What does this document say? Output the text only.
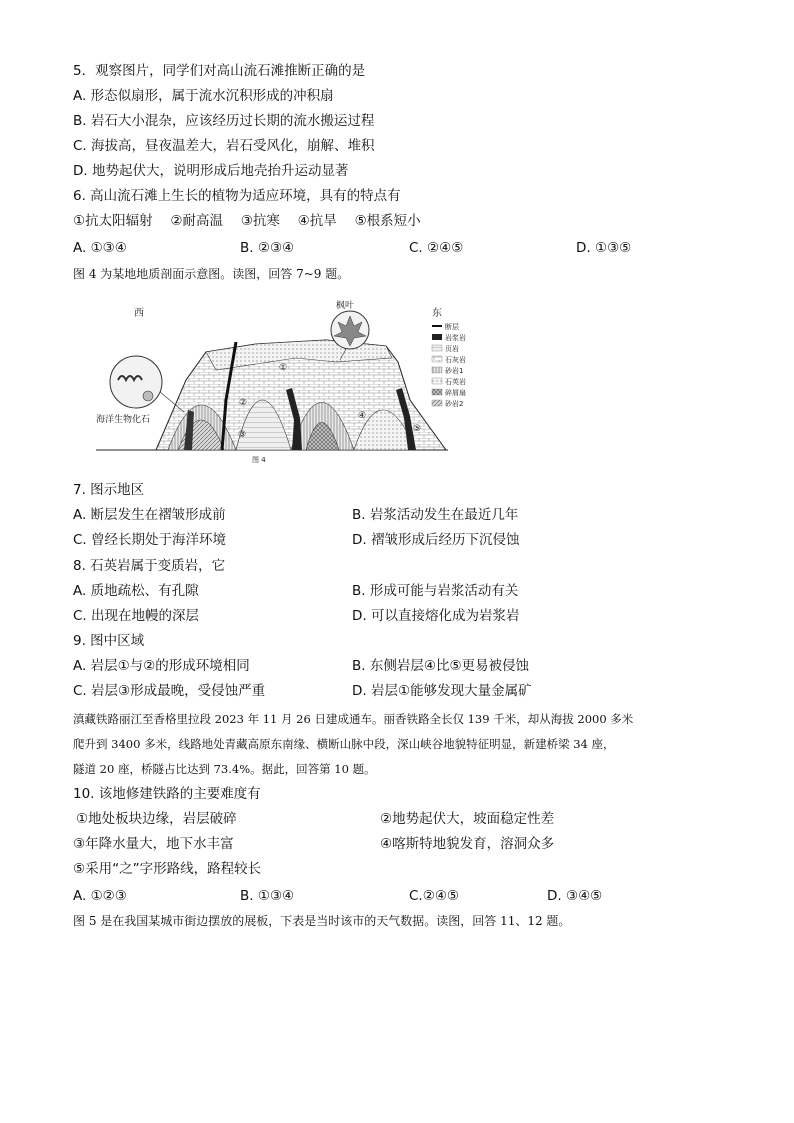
5．观察图片，同学们对高山流石滩推断正确的是
A. 形态似扇形，属于流水沉积形成的冲积扇
B. 岩石大小混杂，应该经历过长期的流水搬运过程
C. 海拔高，昼夜温差大，岩石受风化，崩解、堆积
D. 地势起伏大，说明形成后地壳抬升运动显著
6. 高山流石滩上生长的植物为适应环境，具有的特点有
①抗太阳辐射　 ②耐高温　 ③抗寒　 ④抗旱　 ⑤根系短小
A. ①③④	B. ②③④	C. ②④⑤	D. ①③⑤
图 4 为某地地质剖面示意图。读图，回答 7~9 题。
西	东
枫叶
①
②
③
④
⑤
海洋生物化石
断层
岩浆岩
页岩
石灰岩
砂岩1
石英岩
碎屑扇
砂岩2
图 4
7. 图示地区
A. 断层发生在褶皱形成前	B. 岩浆活动发生在最近几年
C. 曾经长期处于海洋环境	D. 褶皱形成后经历下沉侵蚀
8. 石英岩属于变质岩，它
A. 质地疏松、有孔隙	B. 形成可能与岩浆活动有关
C. 出现在地幔的深层	D. 可以直接熔化成为岩浆岩
9. 图中区域
A. 岩层①与②的形成环境相同	B. 东侧岩层④比⑤更易被侵蚀
C. 岩层③形成最晚，受侵蚀严重	D. 岩层①能够发现大量金属矿
滇藏铁路丽江至香格里拉段 2023 年 11 月 26 日建成通车。丽香铁路全长仅 139 千米，却从海拔 2000 多米
爬升到 3400 多米，线路地处青藏高原东南缘、横断山脉中段，深山峡谷地貌特征明显，新建桥梁 34 座，
隧道 20 座，桥隧占比达到 73.4%。据此，回答第 10 题。
10. 该地修建铁路的主要难度有
①地处板块边缘，岩层破碎	②地势起伏大，坡面稳定性差
③年降水量大，地下水丰富	④喀斯特地貌发育，溶洞众多
⑤采用“之”字形路线，路程较长
A. ①②③	B. ①③④	C.②④⑤	D. ③④⑤
图 5 是在我国某城市街边摆放的展板，下表是当时该市的天气数据。读图，回答 11、12 题。
